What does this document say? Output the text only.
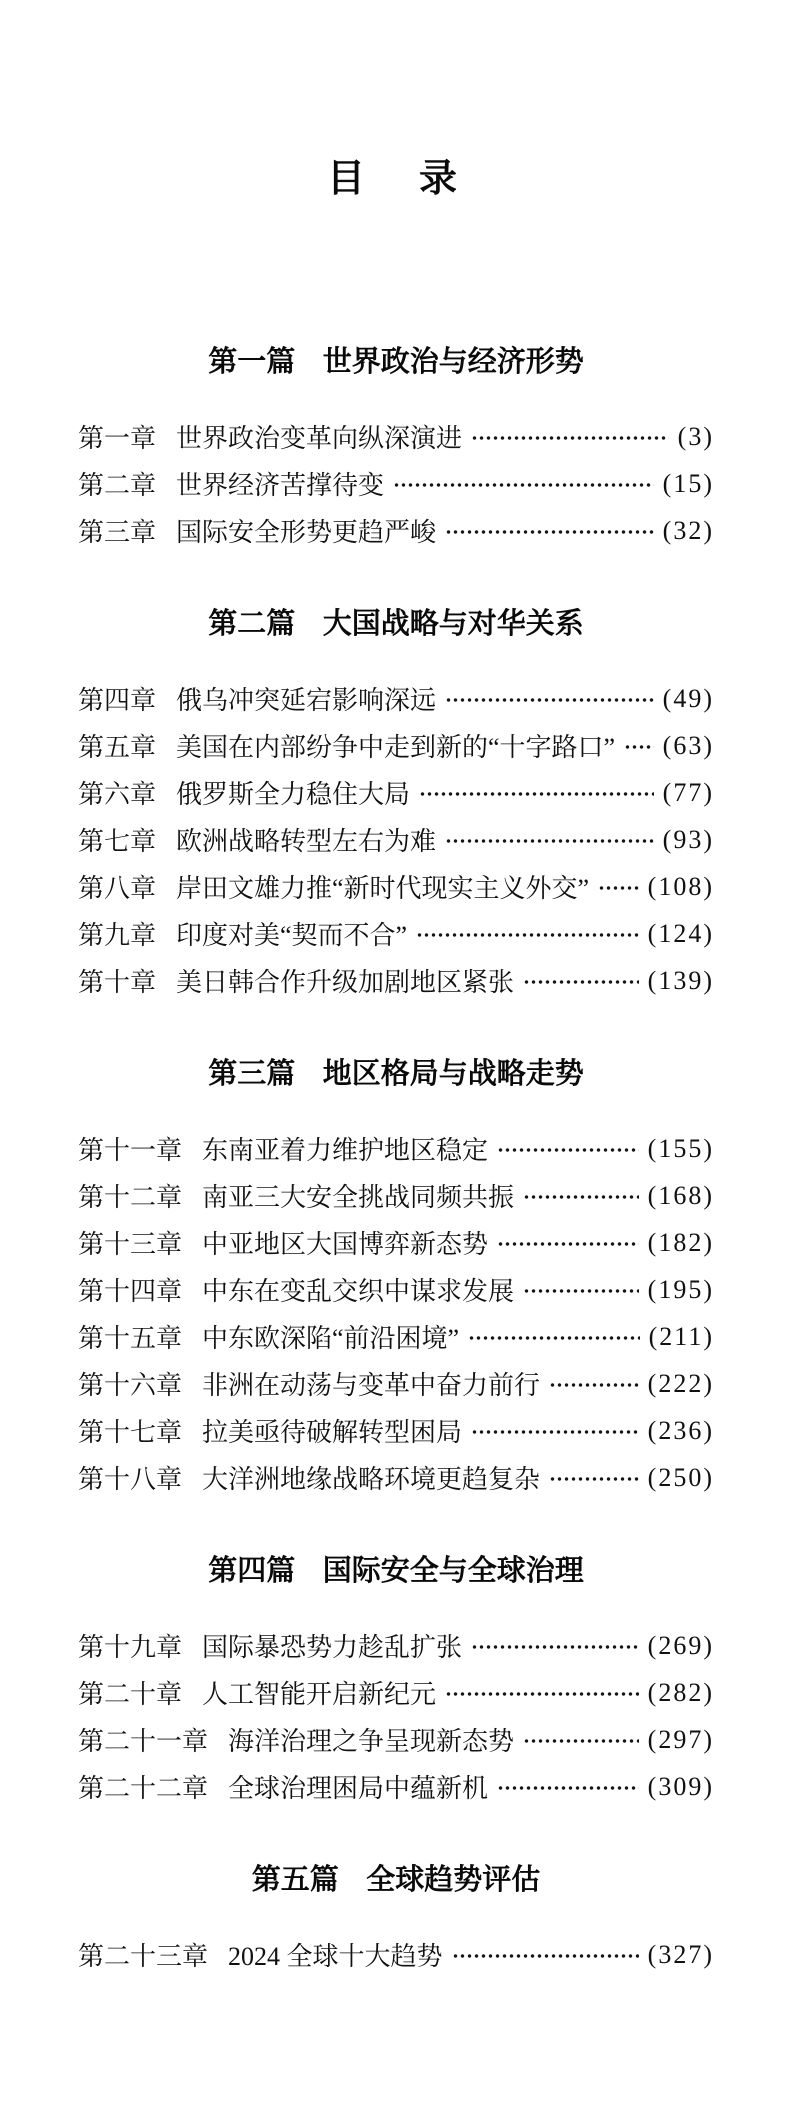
目　录
第一篇 世界政治与经济形势
第一章 世界政治变革向纵深演进	(3)
第二章 世界经济苦撑待变	(15)
第三章 国际安全形势更趋严峻	(32)
第二篇 大国战略与对华关系
第四章 俄乌冲突延宕影响深远	(49)
第五章 美国在内部纷争中走到新的“十字路口” (63)
第六章 俄罗斯全力稳住大局	(77)
第七章 欧洲战略转型左右为难	(93)
第八章 岸田文雄力推“新时代现实主义外交” (108)
第九章 印度对美“契而不合”	(124)
第十章 美日韩合作升级加剧地区紧张	(139)
第三篇 地区格局与战略走势
第十一章 东南亚着力维护地区稳定	(155)
第十二章 南亚三大安全挑战同频共振	(168)
第十三章 中亚地区大国博弈新态势	(182)
第十四章 中东在变乱交织中谋求发展	(195)
第十五章 中东欧深陷“前沿困境”	(211)
第十六章 非洲在动荡与变革中奋力前行	(222)
第十七章 拉美亟待破解转型困局	(236)
第十八章 大洋洲地缘战略环境更趋复杂	(250)
第四篇 国际安全与全球治理
第十九章 国际暴恐势力趁乱扩张	(269)
第二十章 人工智能开启新纪元	(282)
第二十一章 海洋治理之争呈现新态势	(297)
第二十二章 全球治理困局中蕴新机	(309)
第五篇 全球趋势评估
第二十三章 2024 全球十大趋势	(327)
